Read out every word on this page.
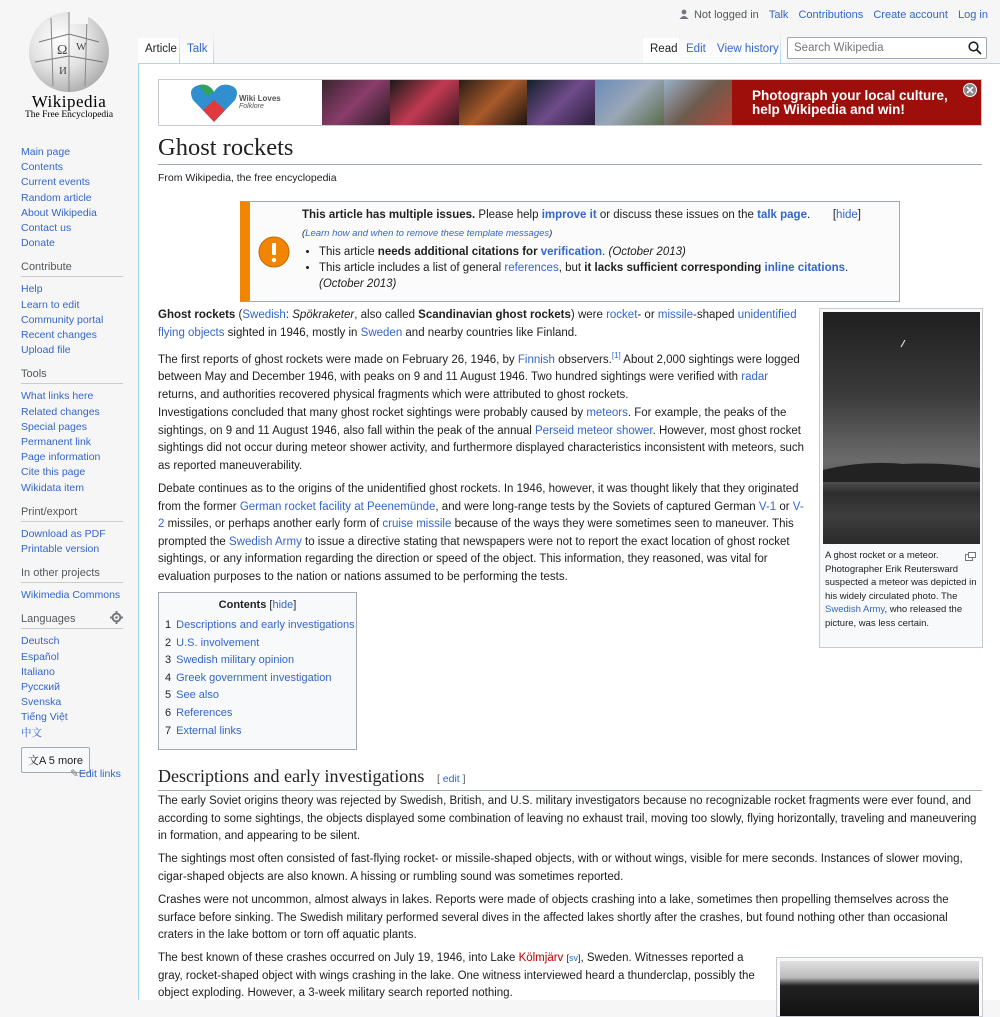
Ω W
И
Wikipedia
The Free Encyclopedia
Main page
Contents
Current events
Random article
About Wikipedia
Contact us
Donate
Contribute
Help
Learn to edit
Community portal
Recent changes
Upload file
Tools
What links here
Related changes
Special pages
Permanent link
Page information
Cite this page
Wikidata item
Print/export
Download as PDF
Printable version
In other projects
Wikimedia Commons
Languages
Deutsch
Español
Italiano
Русский
Svenska
Tiếng Việt
中文
文A 5 more
✎Edit links
Not logged in Talk Contributions Create account Log in
Article Talk	Read Edit View history
Search Wikipedia
Wiki Loves
Folklore
Photograph your local culture,
help Wikipedia and win!
Ghost rockets
From Wikipedia, the free encyclopedia
This article has multiple issues. Please help improve it or discuss these issues on the talk page.	[hide]
(Learn how and when to remove these template messages)
• This article needs additional citations for verification. (October 2013)
• This article includes a list of general references, but it lacks sufficient corresponding inline citations.
(October 2013)
A ghost rocket or a meteor. Photographer Erik Reutersward suspected a meteor was depicted in his widely circulated photo. The Swedish Army, who released the picture, was less certain.

Ghost rockets (Swedish: Spökraketer, also called Scandinavian ghost rockets) were rocket- or missile-shaped unidentified flying objects sighted in 1946, mostly in Sweden and nearby countries like Finland.

The first reports of ghost rockets were made on February 26, 1946, by Finnish observers.[1] About 2,000 sightings were logged between May and December 1946, with peaks on 9 and 11 August 1946. Two hundred sightings were verified with radar returns, and authorities recovered physical fragments which were attributed to ghost rockets.

Investigations concluded that many ghost rocket sightings were probably caused by meteors. For example, the peaks of the sightings, on 9 and 11 August 1946, also fall within the peak of the annual Perseid meteor shower. However, most ghost rocket sightings did not occur during meteor shower activity, and furthermore displayed characteristics inconsistent with meteors, such as reported maneuverability.

Debate continues as to the origins of the unidentified ghost rockets. In 1946, however, it was thought likely that they originated from the former German rocket facility at Peenemünde, and were long-range tests by the Soviets of captured German V-1 or V-2 missiles, or perhaps another early form of cruise missile because of the ways they were sometimes seen to maneuver. This prompted the Swedish Army to issue a directive stating that newspapers were not to report the exact location of ghost rocket sightings, or any information regarding the direction or speed of the object. This information, they reasoned, was vital for evaluation purposes to the nation or nations assumed to be performing the tests.

Contents [hide]
1 Descriptions and early investigations
2 U.S. involvement
3 Swedish military opinion
4 Greek government investigation
5 See also
6 References
7 External links
Descriptions and early investigations [ edit ]

The early Soviet origins theory was rejected by Swedish, British, and U.S. military investigators because no recognizable rocket fragments were ever found, and according to some sightings, the objects displayed some combination of leaving no exhaust trail, moving too slowly, flying horizontally, traveling and maneuvering in formation, and appearing to be silent.

The sightings most often consisted of fast-flying rocket- or missile-shaped objects, with or without wings, visible for mere seconds. Instances of slower moving, cigar-shaped objects are also known. A hissing or rumbling sound was sometimes reported.

Crashes were not uncommon, almost always in lakes. Reports were made of objects crashing into a lake, sometimes then propelling themselves across the surface before sinking. The Swedish military performed several dives in the affected lakes shortly after the crashes, but found nothing other than occasional craters in the lake bottom or torn off aquatic plants.

The best known of these crashes occurred on July 19, 1946, into Lake Kölmjärv [sv], Sweden. Witnesses reported a gray, rocket-shaped object with wings crashing in the lake. One witness interviewed heard a thunderclap, possibly the object exploding. However, a 3-week military search reported nothing.
